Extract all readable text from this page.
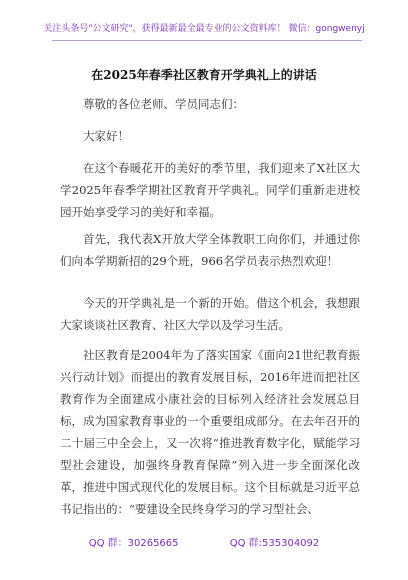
关注头条号"公文研究"，获得最新最全最专业的公文资料库！ 微信：gongwenyj
在2025年春季社区教育开学典礼上的讲话
尊敬的各位老师、学员同志们：
大家好！
在这个春暖花开的美好的季节里，我们迎来了X社区大学2025年春季学期社区教育开学典礼。同学们重新走进校园开始享受学习的美好和幸福。
首先，我代表X开放大学全体教职工向你们，并通过你们向本学期新招的29个班，966名学员表示热烈欢迎！
今天的开学典礼是一个新的开始。借这个机会，我想跟大家谈谈社区教育、社区大学以及学习生活。
社区教育是2004年为了落实国家《面向21世纪教育振兴行动计划》而提出的教育发展目标，2016年进而把社区教育作为全面建成小康社会的目标列入经济社会发展总目标，成为国家教育事业的一个重要组成部分。在去年召开的二十届三中全会上，又一次将“推进教育数字化，赋能学习型社会建设，加强终身教育保障”列入进一步全面深化改革，推进中国式现代化的发展目标。这个目标就是习近平总书记指出的：“要建设全民终身学习的学习型社会、
QQ 群：30265665	QQ 群:535304092
